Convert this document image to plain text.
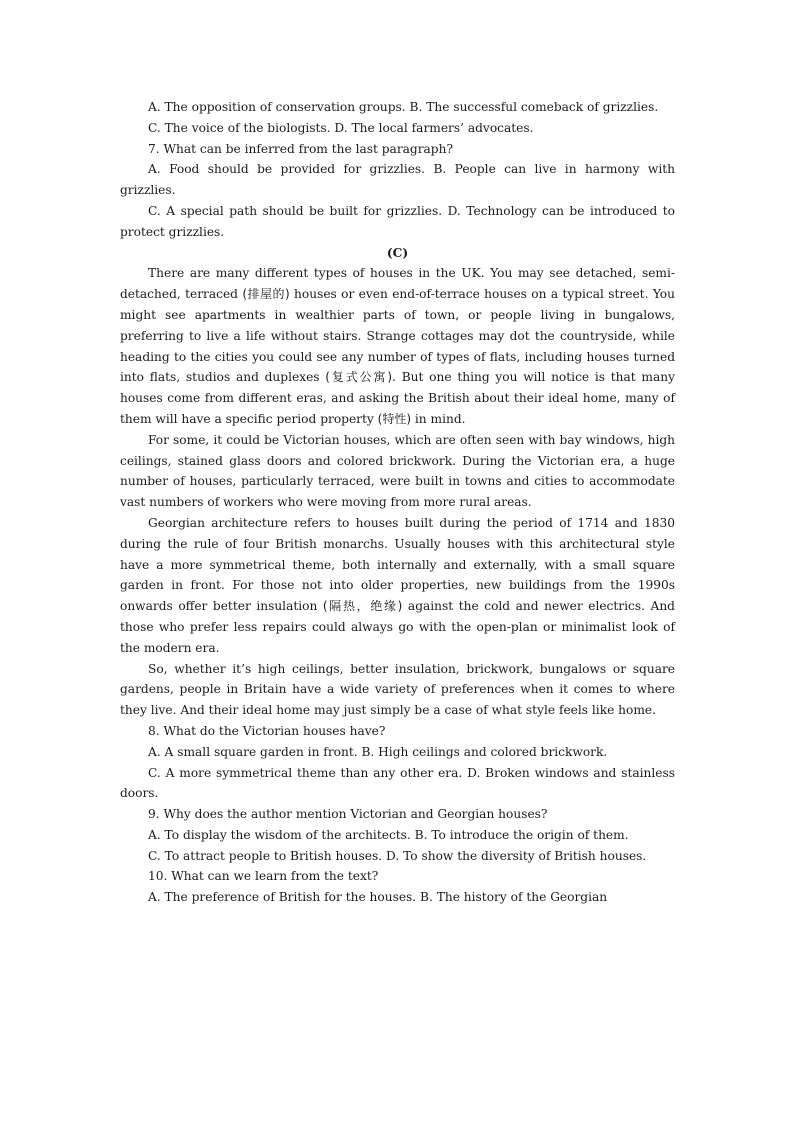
A. The opposition of conservation groups. B. The successful comeback of grizzlies.

C. The voice of the biologists. D. The local farmers’ advocates.

7. What can be inferred from the last paragraph?

A. Food should be provided for grizzlies. B. People can live in harmony with grizzlies.

C. A special path should be built for grizzlies. D. Technology can be introduced to protect grizzlies.

(C)

There are many different types of houses in the UK. You may see detached, semi-detached, terraced (排屋的) houses or even end-of-terrace houses on a typical street. You might see apartments in wealthier parts of town, or people living in bungalows, preferring to live a life without stairs. Strange cottages may dot the countryside, while heading to the cities you could see any number of types of flats, including houses turned into flats, studios and duplexes (复式公寓). But one thing you will notice is that many houses come from different eras, and asking the British about their ideal home, many of them will have a specific period property (特性) in mind.

For some, it could be Victorian houses, which are often seen with bay windows, high ceilings, stained glass doors and colored brickwork. During the Victorian era, a huge number of houses, particularly terraced, were built in towns and cities to accommodate vast numbers of workers who were moving from more rural areas.

Georgian architecture refers to houses built during the period of 1714 and 1830 during the rule of four British monarchs. Usually houses with this architectural style have a more symmetrical theme, both internally and externally, with a small square garden in front. For those not into older properties, new buildings from the 1990s onwards offer better insulation (隔热，绝缘) against the cold and newer electrics. And those who prefer less repairs could always go with the open-plan or minimalist look of the modern era.

So, whether it’s high ceilings, better insulation, brickwork, bungalows or square gardens, people in Britain have a wide variety of preferences when it comes to where they live. And their ideal home may just simply be a case of what style feels like home.

8. What do the Victorian houses have?

A. A small square garden in front. B. High ceilings and colored brickwork.

C. A more symmetrical theme than any other era. D. Broken windows and stainless doors.

9. Why does the author mention Victorian and Georgian houses?

A. To display the wisdom of the architects. B. To introduce the origin of them.

C. To attract people to British houses. D. To show the diversity of British houses.

10. What can we learn from the text?

A. The preference of British for the houses. B. The history of the Georgian
